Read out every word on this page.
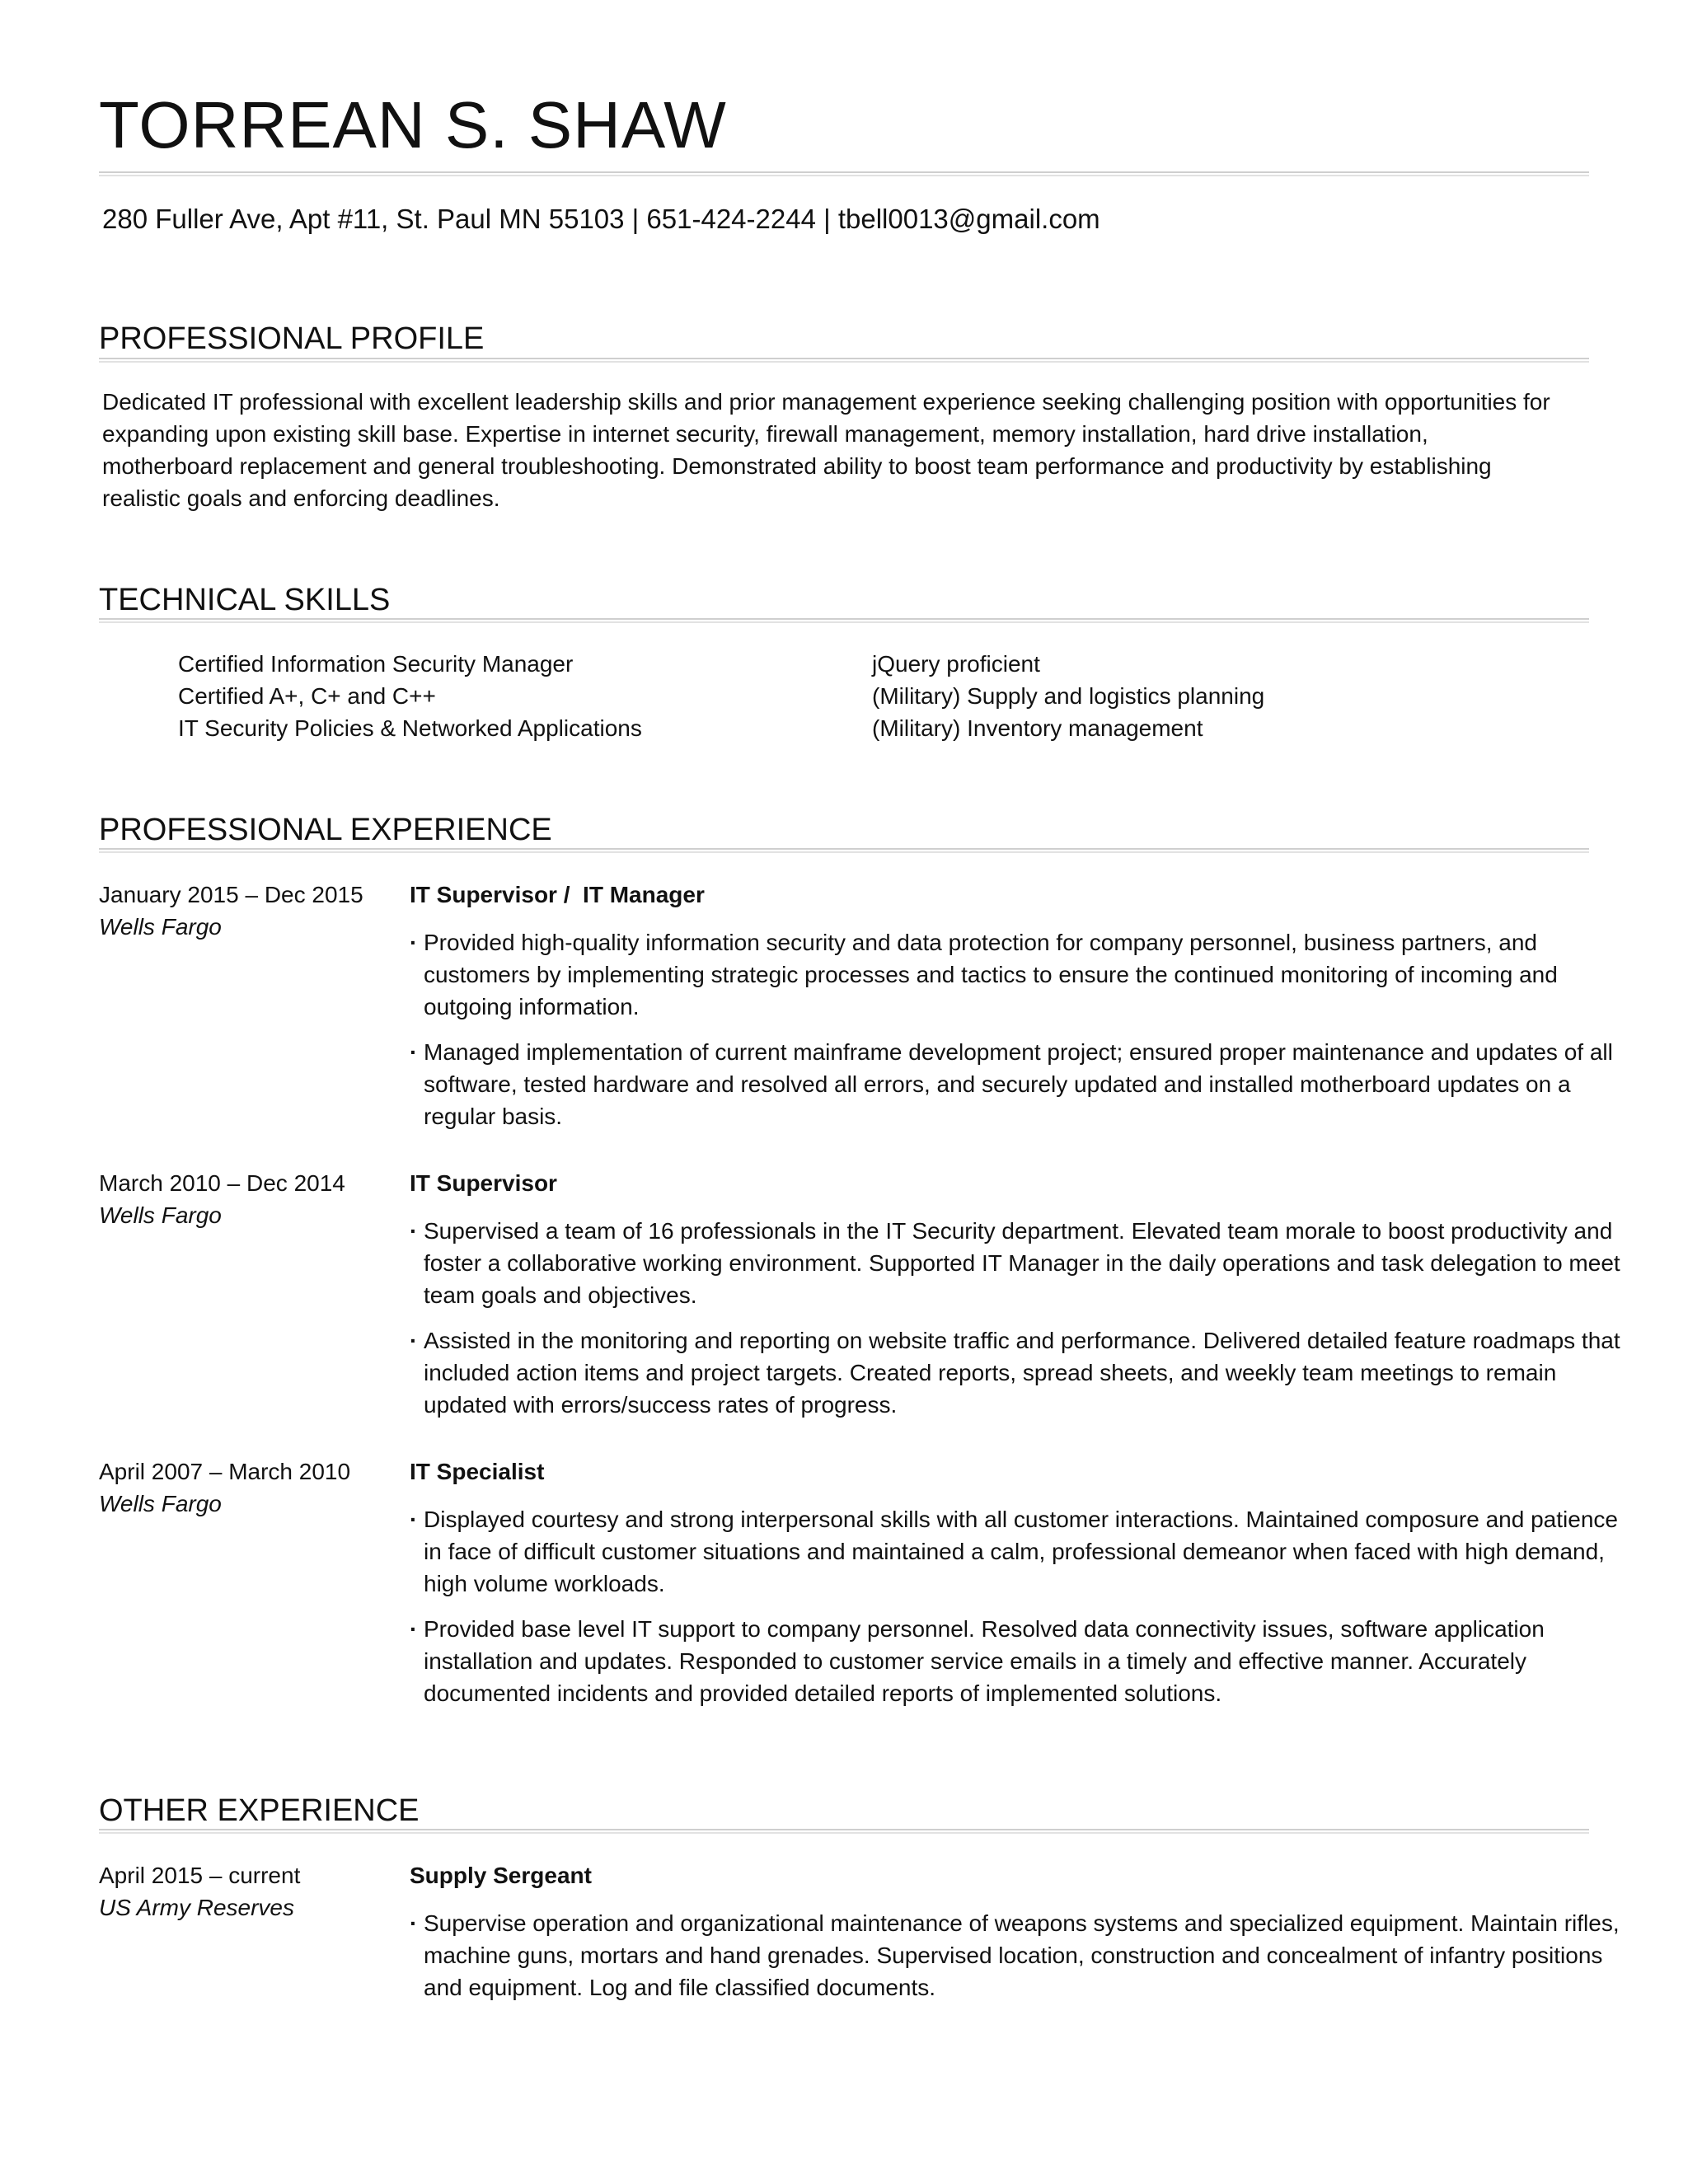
TORREAN S. SHAW
280 Fuller Ave, Apt #11, St. Paul MN 55103 | 651-424-2244 | tbell0013@gmail.com
PROFESSIONAL PROFILE
Dedicated IT professional with excellent leadership skills and prior management experience seeking challenging position with opportunities for expanding upon existing skill base. Expertise in internet security, firewall management, memory installation, hard drive installation, motherboard replacement and general troubleshooting. Demonstrated ability to boost team performance and productivity by establishing realistic goals and enforcing deadlines.
TECHNICAL SKILLS
Certified Information Security Manager
Certified A+, C+ and C++
IT Security Policies & Networked Applications
jQuery proficient
(Military) Supply and logistics planning
(Military) Inventory management
PROFESSIONAL EXPERIENCE
January 2015 – Dec 2015
Wells Fargo
IT Supervisor /  IT Manager
· Provided high-quality information security and data protection for company personnel, business partners, and customers by implementing strategic processes and tactics to ensure the continued monitoring of incoming and outgoing information.
· Managed implementation of current mainframe development project; ensured proper maintenance and updates of all software, tested hardware and resolved all errors, and securely updated and installed motherboard updates on a regular basis.
March 2010 – Dec 2014
Wells Fargo
IT Supervisor
· Supervised a team of 16 professionals in the IT Security department. Elevated team morale to boost productivity and foster a collaborative working environment. Supported IT Manager in the daily operations and task delegation to meet team goals and objectives.
· Assisted in the monitoring and reporting on website traffic and performance. Delivered detailed feature roadmaps that included action items and project targets. Created reports, spread sheets, and weekly team meetings to remain updated with errors/success rates of progress.
April 2007 – March 2010
Wells Fargo
IT Specialist
· Displayed courtesy and strong interpersonal skills with all customer interactions. Maintained composure and patience in face of difficult customer situations and maintained a calm, professional demeanor when faced with high demand, high volume workloads.
· Provided base level IT support to company personnel. Resolved data connectivity issues, software application installation and updates. Responded to customer service emails in a timely and effective manner. Accurately documented incidents and provided detailed reports of implemented solutions.
OTHER EXPERIENCE
April 2015 – current
US Army Reserves
Supply Sergeant
· Supervise operation and organizational maintenance of weapons systems and specialized equipment. Maintain rifles, machine guns, mortars and hand grenades. Supervised location, construction and concealment of infantry positions and equipment. Log and file classified documents.
